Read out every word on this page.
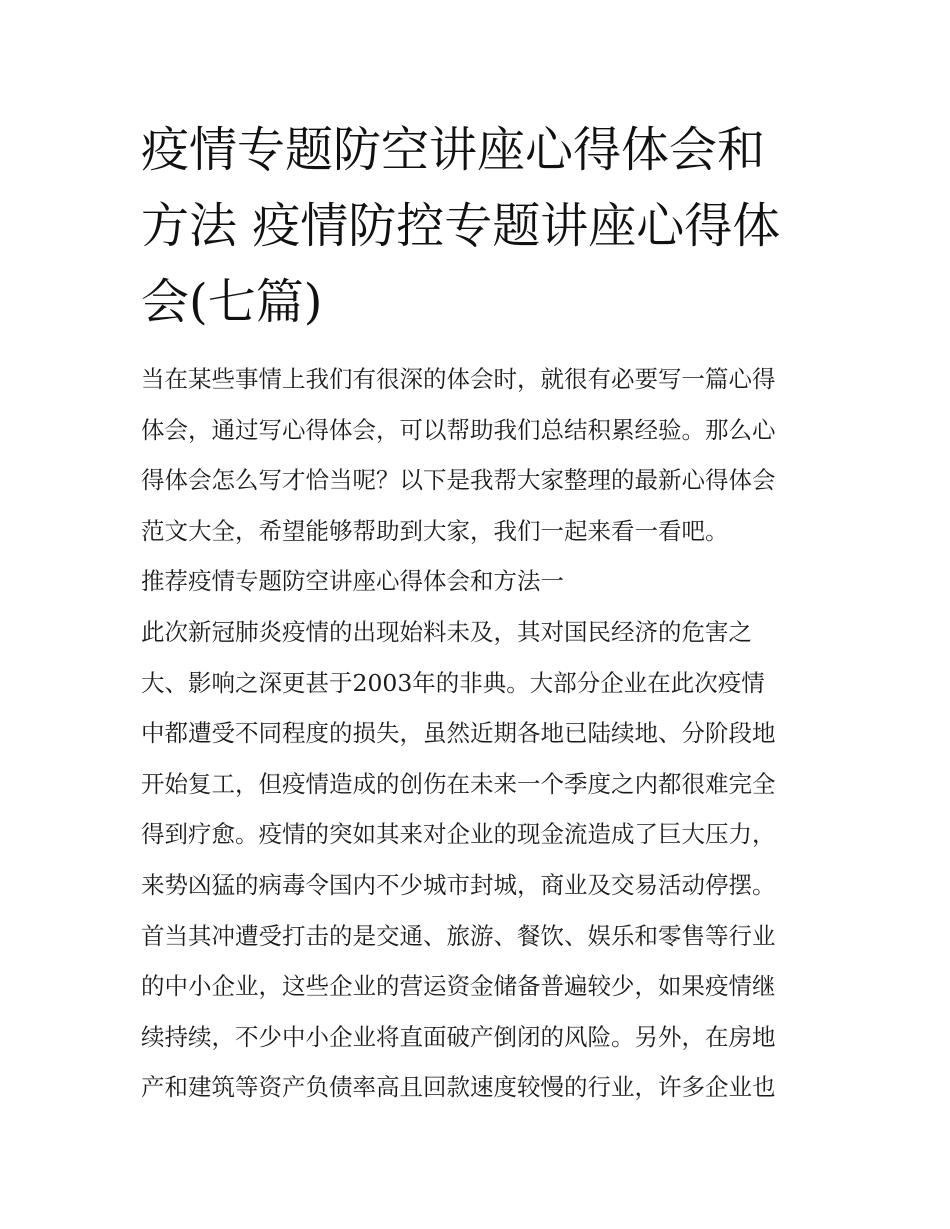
疫情专题防空讲座心得体会和
方法 疫情防控专题讲座心得体
会(七篇)
当在某些事情上我们有很深的体会时，就很有必要写一篇心得
体会，通过写心得体会，可以帮助我们总结积累经验。那么心
得体会怎么写才恰当呢？以下是我帮大家整理的最新心得体会
范文大全，希望能够帮助到大家，我们一起来看一看吧。
推荐疫情专题防空讲座心得体会和方法一
此次新冠肺炎疫情的出现始料未及，其对国民经济的危害之
大、影响之深更甚于2003年的非典。大部分企业在此次疫情
中都遭受不同程度的损失，虽然近期各地已陆续地、分阶段地
开始复工，但疫情造成的创伤在未来一个季度之内都很难完全
得到疗愈。疫情的突如其来对企业的现金流造成了巨大压力，
来势凶猛的病毒令国内不少城市封城，商业及交易活动停摆。
首当其冲遭受打击的是交通、旅游、餐饮、娱乐和零售等行业
的中小企业，这些企业的营运资金储备普遍较少，如果疫情继
续持续，不少中小企业将直面破产倒闭的风险。另外，在房地
产和建筑等资产负债率高且回款速度较慢的行业，许多企业也
